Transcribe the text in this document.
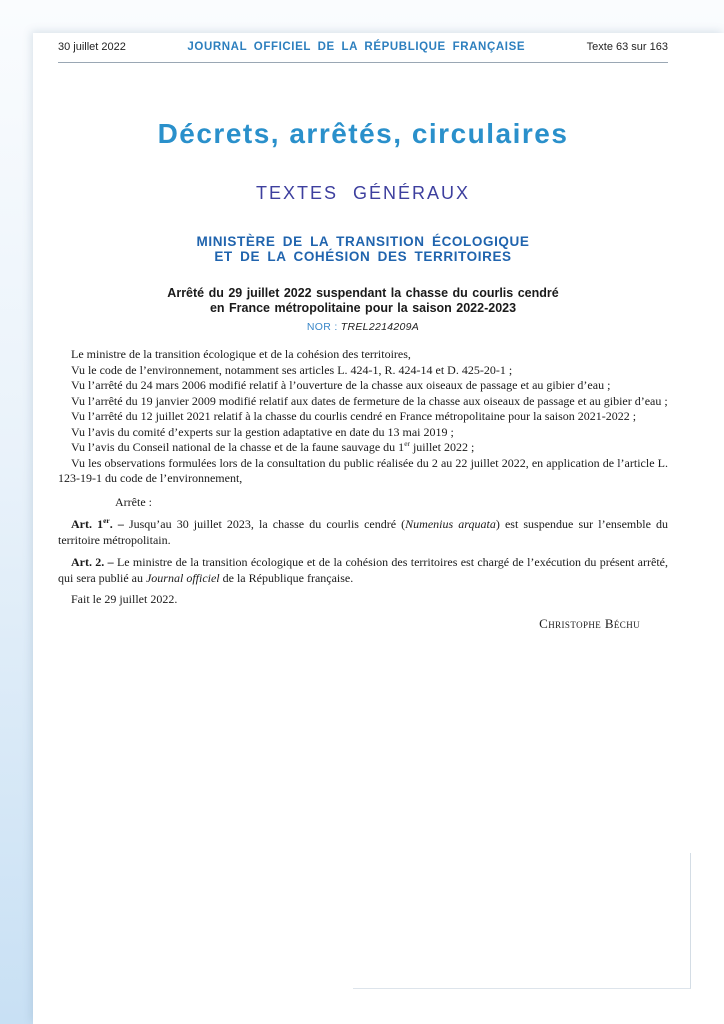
30 juillet 2022	JOURNAL OFFICIEL DE LA RÉPUBLIQUE FRANÇAISE	Texte 63 sur 163
Décrets, arrêtés, circulaires
TEXTES GÉNÉRAUX
MINISTÈRE DE LA TRANSITION ÉCOLOGIQUE
ET DE LA COHÉSION DES TERRITOIRES
Arrêté du 29 juillet 2022 suspendant la chasse du courlis cendré
en France métropolitaine pour la saison 2022-2023
NOR : TREL2214209A

Le ministre de la transition écologique et de la cohésion des territoires,

Vu le code de l’environnement, notamment ses articles L. 424-1, R. 424-14 et D. 425-20-1 ;

Vu l’arrêté du 24 mars 2006 modifié relatif à l’ouverture de la chasse aux oiseaux de passage et au gibier d’eau ;

Vu l’arrêté du 19 janvier 2009 modifié relatif aux dates de fermeture de la chasse aux oiseaux de passage et au gibier d’eau ;

Vu l’arrêté du 12 juillet 2021 relatif à la chasse du courlis cendré en France métropolitaine pour la saison 2021-2022 ;

Vu l’avis du comité d’experts sur la gestion adaptative en date du 13 mai 2019 ;

Vu l’avis du Conseil national de la chasse et de la faune sauvage du 1er juillet 2022 ;

Vu les observations formulées lors de la consultation du public réalisée du 2 au 22 juillet 2022, en application de l’article L. 123-19-1 du code de l’environnement,

Arrête :

Art. 1er. – Jusqu’au 30 juillet 2023, la chasse du courlis cendré (Numenius arquata) est suspendue sur l’ensemble du territoire métropolitain.

Art. 2. – Le ministre de la transition écologique et de la cohésion des territoires est chargé de l’exécution du présent arrêté, qui sera publié au Journal officiel de la République française.

Fait le 29 juillet 2022.

Christophe Béchu
